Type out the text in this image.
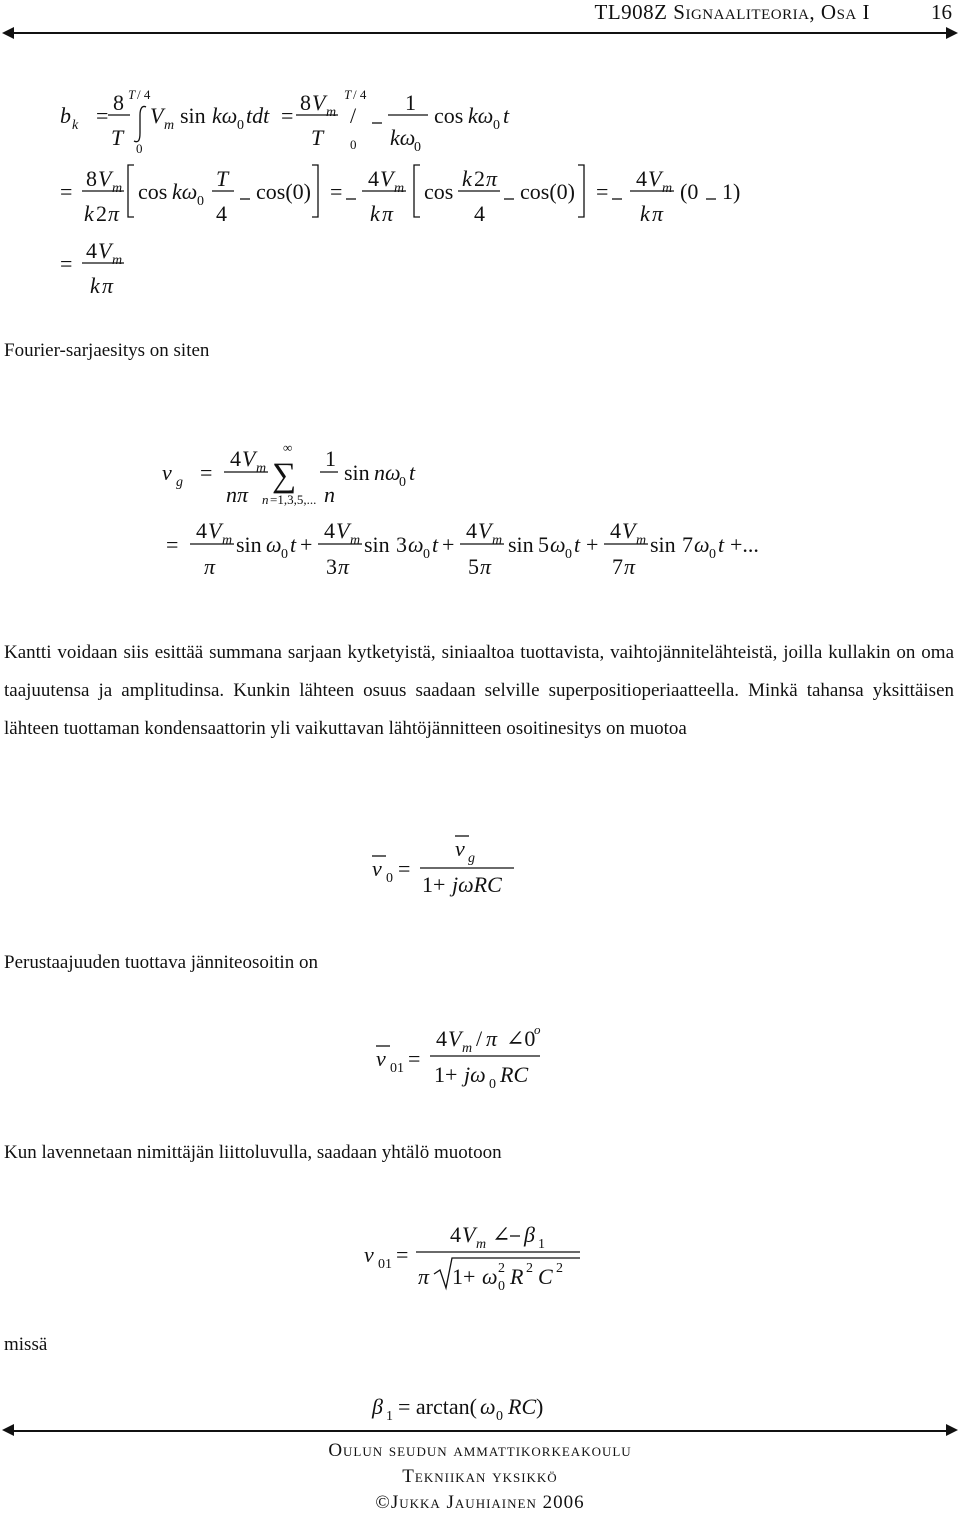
TL908Z Signaaliteoria, Osa I	16
b k =
8
T
T / 4
0
V m sin kω 0 tdt =
8 V m
T
T / 4
/
0
1
kω
0
cos kω 0 t
=
8 V m
k 2 π
cos kω 0
T
4
cos(0) =
4 V m
k π
cos
k 2 π
4
cos(0) =
4 V m
k π
(0 1)
=
4 V m
k π
Fourier-sarjaesitys on siten
v g =
4 V m
nπ
∞
∑
n =1,3,5,...
1
n
sin nω
0 t
=
4 V m
π
sin ω 0 t +
4 V m
3 π
sin 3 ω 0 t +
4 V m
5 π
sin 5 ω 0 t +
4 V m
7 π
sin 7 ω 0 t +...
Kantti voidaan siis esittää summana sarjaan kytketyistä, siniaaltoa tuottavista, vaihtojännitelähteistä, joilla kullakin on oma taajuutensa ja amplitudinsa. Kunkin lähteen osuus saadaan selville superpositioperiaatteella. Minkä tahansa yksittäisen lähteen tuottaman kondensaattorin yli vaikuttavan lähtöjännitteen osoitinesitys on muotoa
v 0 =
v g
1+ jωRC
Perustaajuuden tuottava jänniteosoitin on
v 01 =
4 V m / π ∠0
o
1+ jω 0 RC
Kun lavennetaan nimittäjän liittoluvulla, saadaan yhtälö muotoon
v 01 =
4 V m ∠ β 1
π 1+ ω 2
0 R 2 C 2
missä
β 1 = arctan( ω 0 RC )
Oulun seudun ammattikorkeakoulu
Tekniikan yksikkö
©Jukka Jauhiainen 2006
